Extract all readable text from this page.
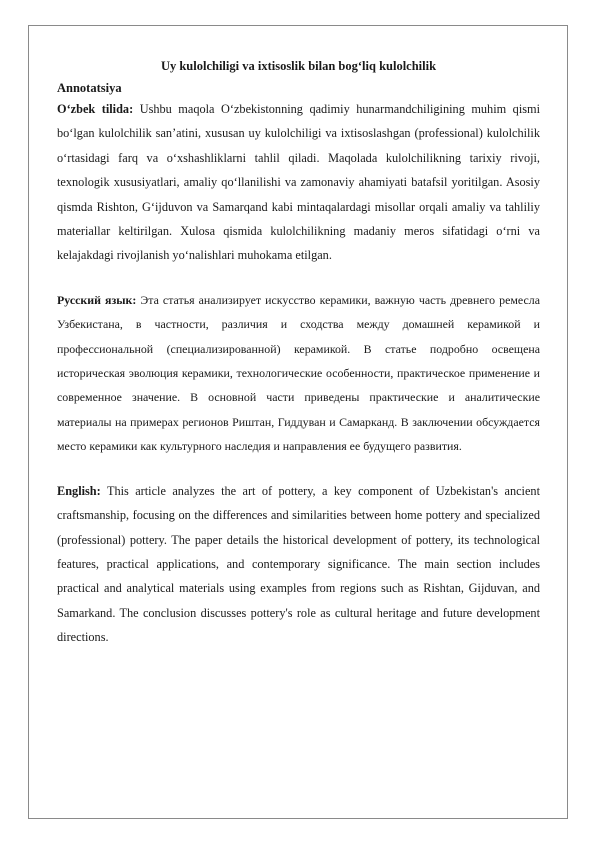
Uy kulolchiligi va ixtisoslik bilan bog‘liq kulolchilik

Annotatsiya

O‘zbek tilida: Ushbu maqola O‘zbekistonning qadimiy hunarmandchiligining muhim qismi bo‘lgan kulolchilik san’atini, xususan uy kulolchiligi va ixtisoslashgan (professional) kulolchilik o‘rtasidagi farq va o‘xshashliklarni tahlil qiladi. Maqolada kulolchilikning tarixiy rivoji, texnologik xususiyatlari, amaliy qo‘llanilishi va zamonaviy ahamiyati batafsil yoritilgan. Asosiy qismda Rishton, G‘ijduvon va Samarqand kabi mintaqalardagi misollar orqali amaliy va tahliliy materiallar keltirilgan. Xulosa qismida kulolchilikning madaniy meros sifatidagi o‘rni va kelajakdagi rivojlanish yo‘nalishlari muhokama etilgan.

Русский язык: Эта статья анализирует искусство керамики, важную часть древнего ремесла Узбекистана, в частности, различия и сходства между домашней керамикой и профессиональной (специализированной) керамикой. В статье подробно освещена историческая эволюция керамики, технологические особенности, практическое применение и современное значение. В основной части приведены практические и аналитические материалы на примерах регионов Риштан, Гиддуван и Самарканд. В заключении обсуждается место керамики как культурного наследия и направления ее будущего развития.

English: This article analyzes the art of pottery, a key component of Uzbekistan's ancient craftsmanship, focusing on the differences and similarities between home pottery and specialized (professional) pottery. The paper details the historical development of pottery, its technological features, practical applications, and contemporary significance. The main section includes practical and analytical materials using examples from regions such as Rishtan, Gijduvan, and Samarkand. The conclusion discusses pottery's role as cultural heritage and future development directions.
